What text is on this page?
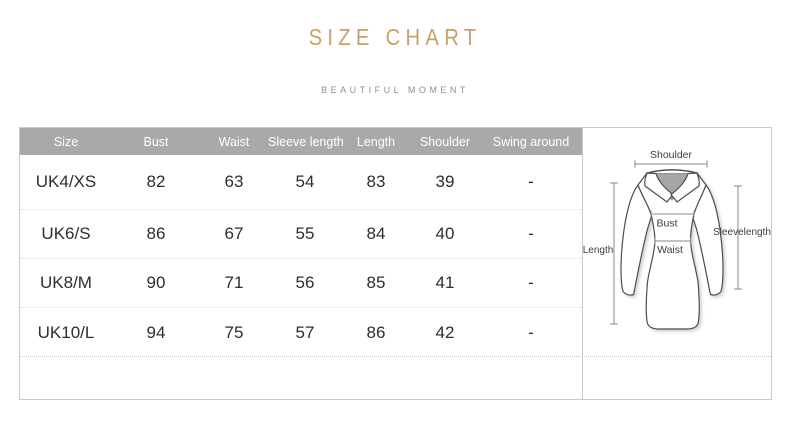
SIZE CHART
BEAUTIFUL MOMENT
Size	Bust	Waist	Sleeve length	Length	Shoulder	Swing around
UK4/XS	82	63	54	83	39	-
UK6/S	86	67	55	84	40	-
UK8/M	90	71	56	85	41	-
UK10/L	94	75	57	86	42	-
Shoulder
Bust
Waist
Length
Sleevelength
